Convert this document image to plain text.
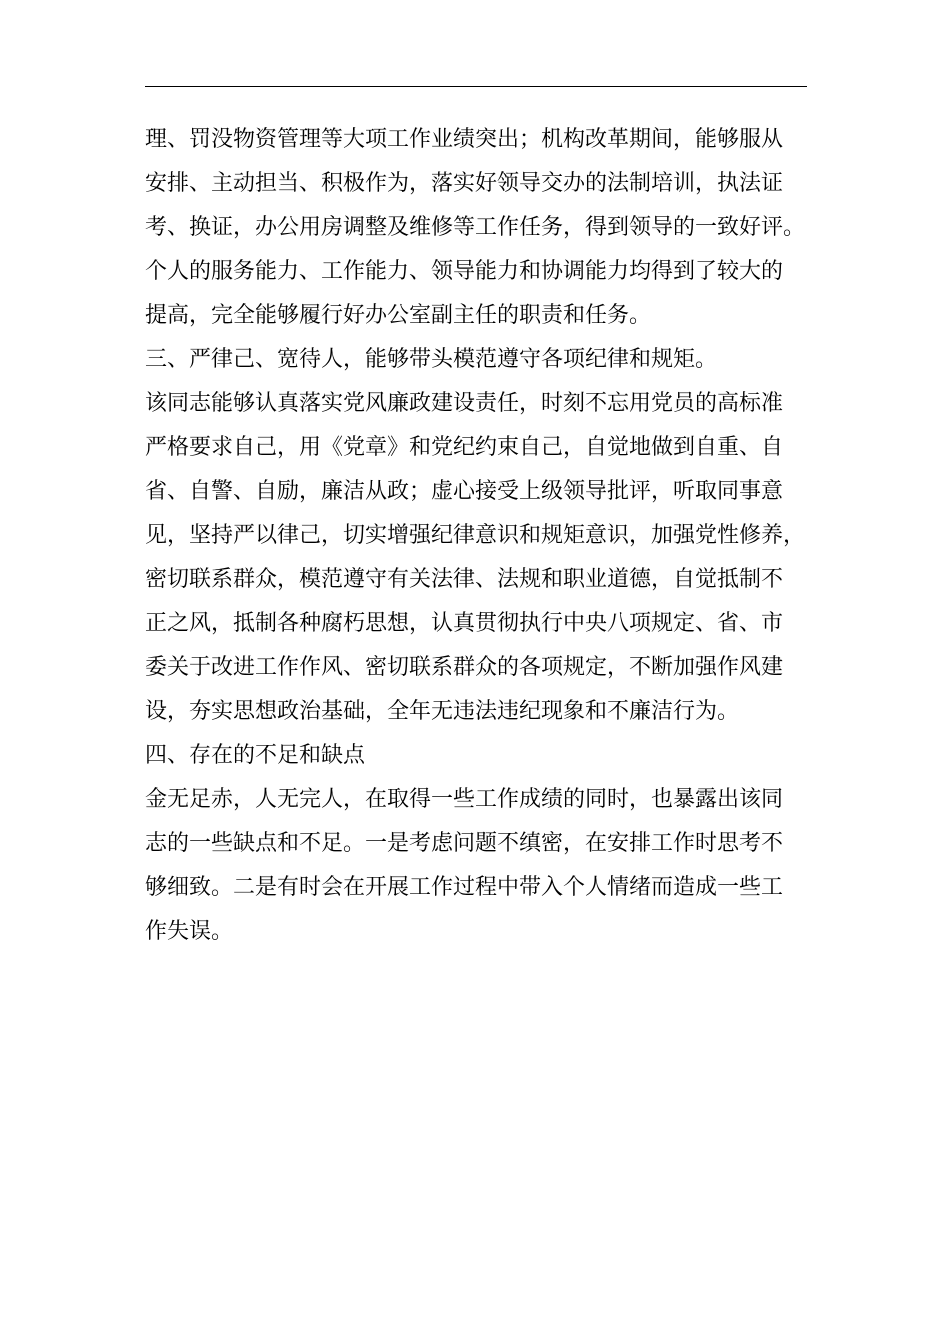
理、罚没物资管理等大项工作业绩突出；机构改革期间，能够服从
安排、主动担当、积极作为，落实好领导交办的法制培训，执法证
考、换证，办公用房调整及维修等工作任务，得到领导的一致好评。
个人的服务能力、工作能力、领导能力和协调能力均得到了较大的
提高，完全能够履行好办公室副主任的职责和任务。
三、严律己、宽待人，能够带头模范遵守各项纪律和规矩。
该同志能够认真落实党风廉政建设责任，时刻不忘用党员的高标准
严格要求自己，用《党章》和党纪约束自己，自觉地做到自重、自
省、自警、自励，廉洁从政；虚心接受上级领导批评，听取同事意
见，坚持严以律己，切实增强纪律意识和规矩意识，加强党性修养，
密切联系群众，模范遵守有关法律、法规和职业道德，自觉抵制不
正之风，抵制各种腐朽思想，认真贯彻执行中央八项规定、省、市
委关于改进工作作风、密切联系群众的各项规定，不断加强作风建
设，夯实思想政治基础，全年无违法违纪现象和不廉洁行为。
四、存在的不足和缺点
金无足赤，人无完人，在取得一些工作成绩的同时，也暴露出该同
志的一些缺点和不足。一是考虑问题不缜密，在安排工作时思考不
够细致。二是有时会在开展工作过程中带入个人情绪而造成一些工
作失误。
